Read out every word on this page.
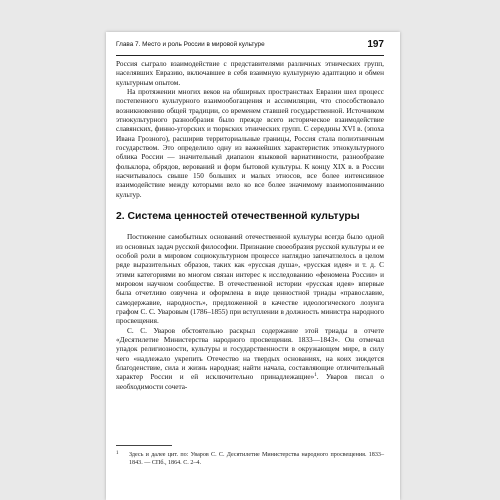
Глава 7. Место и роль России в мировой культуре	197

Россия сыграло взаимодействие с представителями различных этнических групп, населявших Евразию, включавшее в себя взаимную культурную адаптацию и обмен культурным опытом.

На протяжении многих веков на обширных пространствах Евразии шел процесс постепенного культурного взаимообогащения и ассимиляции, что способствовало возникновению общей традиции, со временем ставшей государственной. Источником этнокультурного разнообразия было прежде всего историческое взаимодействие славянских, финно-угорских и тюркских этнических групп. С середины XVI в. (эпоха Ивана Грозного), расширив территориальные границы, Россия стала полиэтничным государством. Это определило одну из важнейших характеристик этнокультурного облика России — значительный диапазон языковой вариативности, разнообразие фольклора, обрядов, верований и форм бытовой культуры. К концу XIX в. в России насчитывалось свыше 150 больших и малых этносов, все более интенсивное взаимодействие между которыми вело ко все более значимому взаимопониманию культур.

2. Система ценностей отечественной культуры

Постижение самобытных оснований отечественной культуры всегда было одной из основных задач русской философии. Признание своеобразия русской культуры и ее особой роли в мировом социокультурном процессе наглядно запечатлелось в целом ряде выразительных образов, таких как «русская душа», «русская идея» и т. д. С этими категориями во многом связан интерес к исследованию «феномена России» и мировом научном сообществе. В отечественной истории «русская идея» впервые была отчетливо озвучена и оформлена в виде ценностной триады «православие, самодержавие, народность», предложенной в качестве идеологического лозунга графом С. С. Уваровым (1786–1855) при вступлении в должность министра народного просвещения.

С. С. Уваров обстоятельно раскрыл содержание этой триады в отчете «Десятилетие Министерства народного просвещения. 1833—1843». Он отмечал упадок религиозности, культуры и государственности в окружающем мире, в силу чего «надлежало укрепить Отечество на твердых основаниях, на коих зиждется благоденствие, сила и жизнь народная; найти начала, составляющие отличительный характер России и ей исключительно принадлежащие»$^1$. Уваров писал о необходимости сочета-

1 Здесь и далее цит. по: Уваров С. С. Десятилетие Министерства народного просвещения. 1833–1843. — СПб., 1864. С. 2–4.
